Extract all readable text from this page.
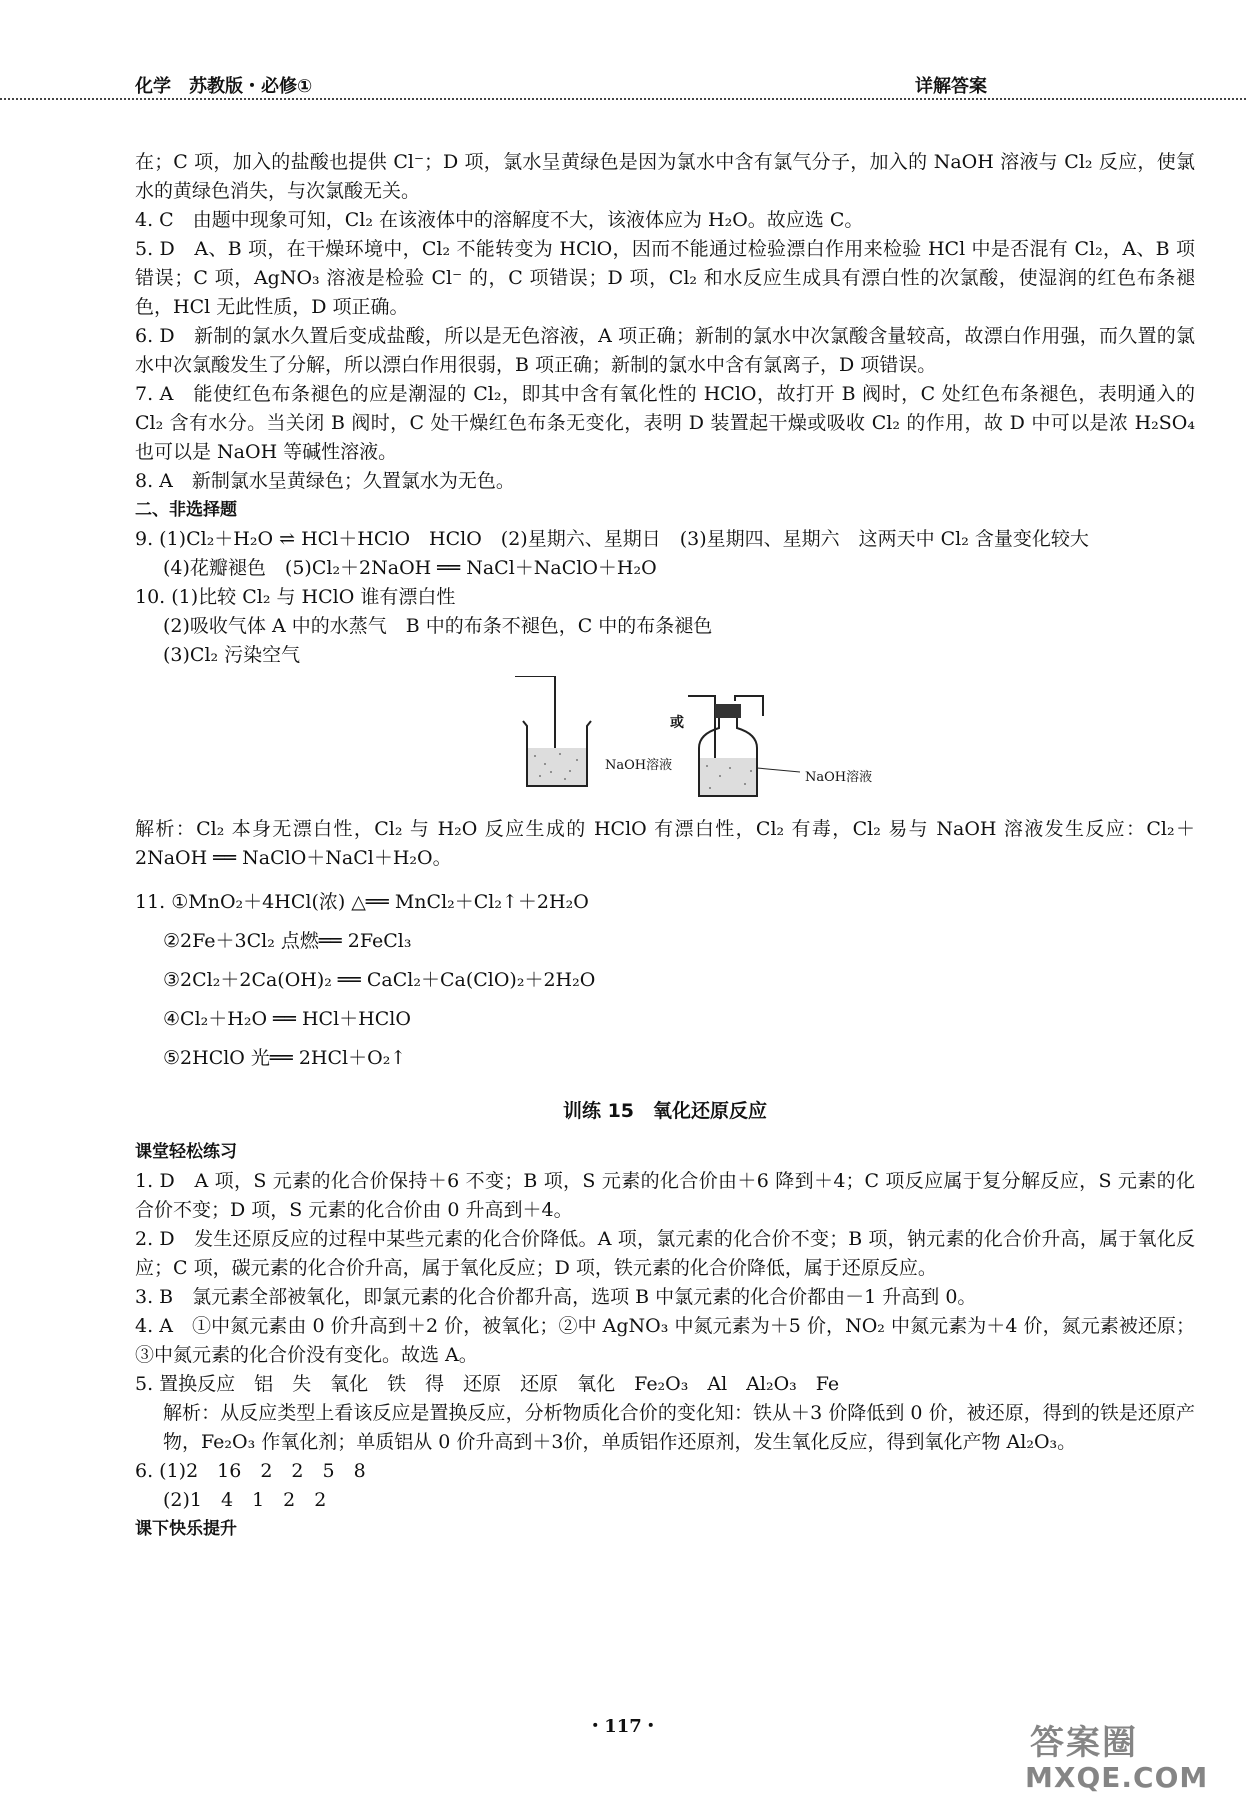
化学　苏教版・必修①	详解答案

在；C 项，加入的盐酸也提供 Cl⁻；D 项，氯水呈黄绿色是因为氯水中含有氯气分子，加入的 NaOH 溶液与 Cl₂ 反应，使氯水的黄绿色消失，与次氯酸无关。

4. C　由题中现象可知，Cl₂ 在该液体中的溶解度不大，该液体应为 H₂O。故应选 C。

5. D　A、B 项，在干燥环境中，Cl₂ 不能转变为 HClO，因而不能通过检验漂白作用来检验 HCl 中是否混有 Cl₂，A、B 项错误；C 项，AgNO₃ 溶液是检验 Cl⁻ 的，C 项错误；D 项，Cl₂ 和水反应生成具有漂白性的次氯酸，使湿润的红色布条褪色，HCl 无此性质，D 项正确。

6. D　新制的氯水久置后变成盐酸，所以是无色溶液，A 项正确；新制的氯水中次氯酸含量较高，故漂白作用强，而久置的氯水中次氯酸发生了分解，所以漂白作用很弱，B 项正确；新制的氯水中含有氯离子，D 项错误。

7. A　能使红色布条褪色的应是潮湿的 Cl₂，即其中含有氧化性的 HClO，故打开 B 阀时，C 处红色布条褪色，表明通入的 Cl₂ 含有水分。当关闭 B 阀时，C 处干燥红色布条无变化，表明 D 装置起干燥或吸收 Cl₂ 的作用，故 D 中可以是浓 H₂SO₄ 也可以是 NaOH 等碱性溶液。

8. A　新制氯水呈黄绿色；久置氯水为无色。

二、非选择题

9. (1)Cl₂＋H₂O ⇌ HCl＋HClO　HClO　(2)星期六、星期日　(3)星期四、星期六　这两天中 Cl₂ 含量变化较大

(4)花瓣褪色　(5)Cl₂＋2NaOH ══ NaCl＋NaClO＋H₂O

10. (1)比较 Cl₂ 与 HClO 谁有漂白性

(2)吸收气体 A 中的水蒸气　B 中的布条不褪色，C 中的布条褪色

(3)Cl₂ 污染空气

或
NaOH溶液
NaOH溶液

解析：Cl₂ 本身无漂白性，Cl₂ 与 H₂O 反应生成的 HClO 有漂白性，Cl₂ 有毒，Cl₂ 易与 NaOH 溶液发生反应：Cl₂＋2NaOH ══ NaClO＋NaCl＋H₂O。

11. ①MnO₂＋4HCl(浓) △══ MnCl₂＋Cl₂↑＋2H₂O

②2Fe＋3Cl₂ 点燃══ 2FeCl₃

③2Cl₂＋2Ca(OH)₂ ══ CaCl₂＋Ca(ClO)₂＋2H₂O

④Cl₂＋H₂O ══ HCl＋HClO

⑤2HClO 光══ 2HCl＋O₂↑

训练 15　氧化还原反应
课堂轻松练习

1. D　A 项，S 元素的化合价保持＋6 不变；B 项，S 元素的化合价由＋6 降到＋4；C 项反应属于复分解反应，S 元素的化合价不变；D 项，S 元素的化合价由 0 升高到＋4。

2. D　发生还原反应的过程中某些元素的化合价降低。A 项，氯元素的化合价不变；B 项，钠元素的化合价升高，属于氧化反应；C 项，碳元素的化合价升高，属于氧化反应；D 项，铁元素的化合价降低，属于还原反应。

3. B　氯元素全部被氧化，即氯元素的化合价都升高，选项 B 中氯元素的化合价都由－1 升高到 0。

4. A　①中氮元素由 0 价升高到＋2 价，被氧化；②中 AgNO₃ 中氮元素为＋5 价，NO₂ 中氮元素为＋4 价，氮元素被还原；③中氮元素的化合价没有变化。故选 A。

5. 置换反应　铝　失　氧化　铁　得　还原　还原　氧化　Fe₂O₃　Al　Al₂O₃　Fe

解析：从反应类型上看该反应是置换反应，分析物质化合价的变化知：铁从＋3 价降低到 0 价，被还原，得到的铁是还原产物，Fe₂O₃ 作氧化剂；单质铝从 0 价升高到＋3价，单质铝作还原剂，发生氧化反应，得到氧化产物 Al₂O₃。

6. (1)2　16　2　2　5　8

(2)1　4　1　2　2

课下快乐提升
・117・	答案圈
MXQE.COM
